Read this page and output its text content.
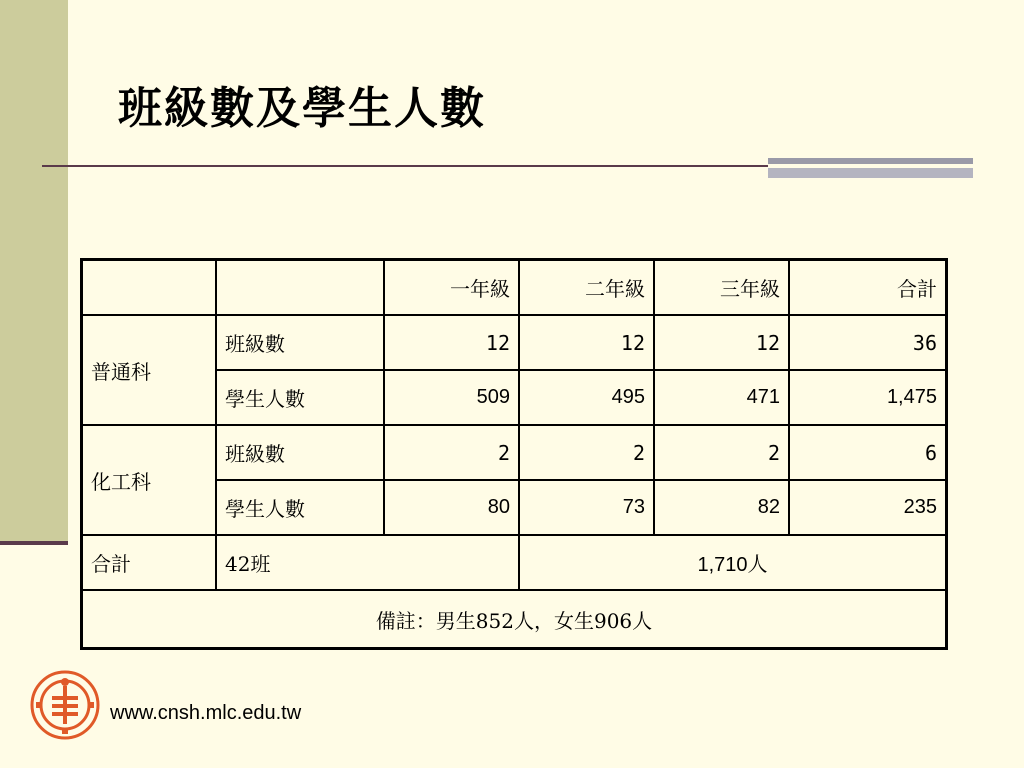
班級數及學生人數
		一年級	二年級	三年級	合計
普通科	班級數	12	12	12	36
	學生人數	509	495	471	1,475
化工科	班級數	2	2	2	6
	學生人數	80	73	82	235
合計	42班		1,710人		
備註：男生852人，女生906人					
www.cnsh.mlc.edu.tw
